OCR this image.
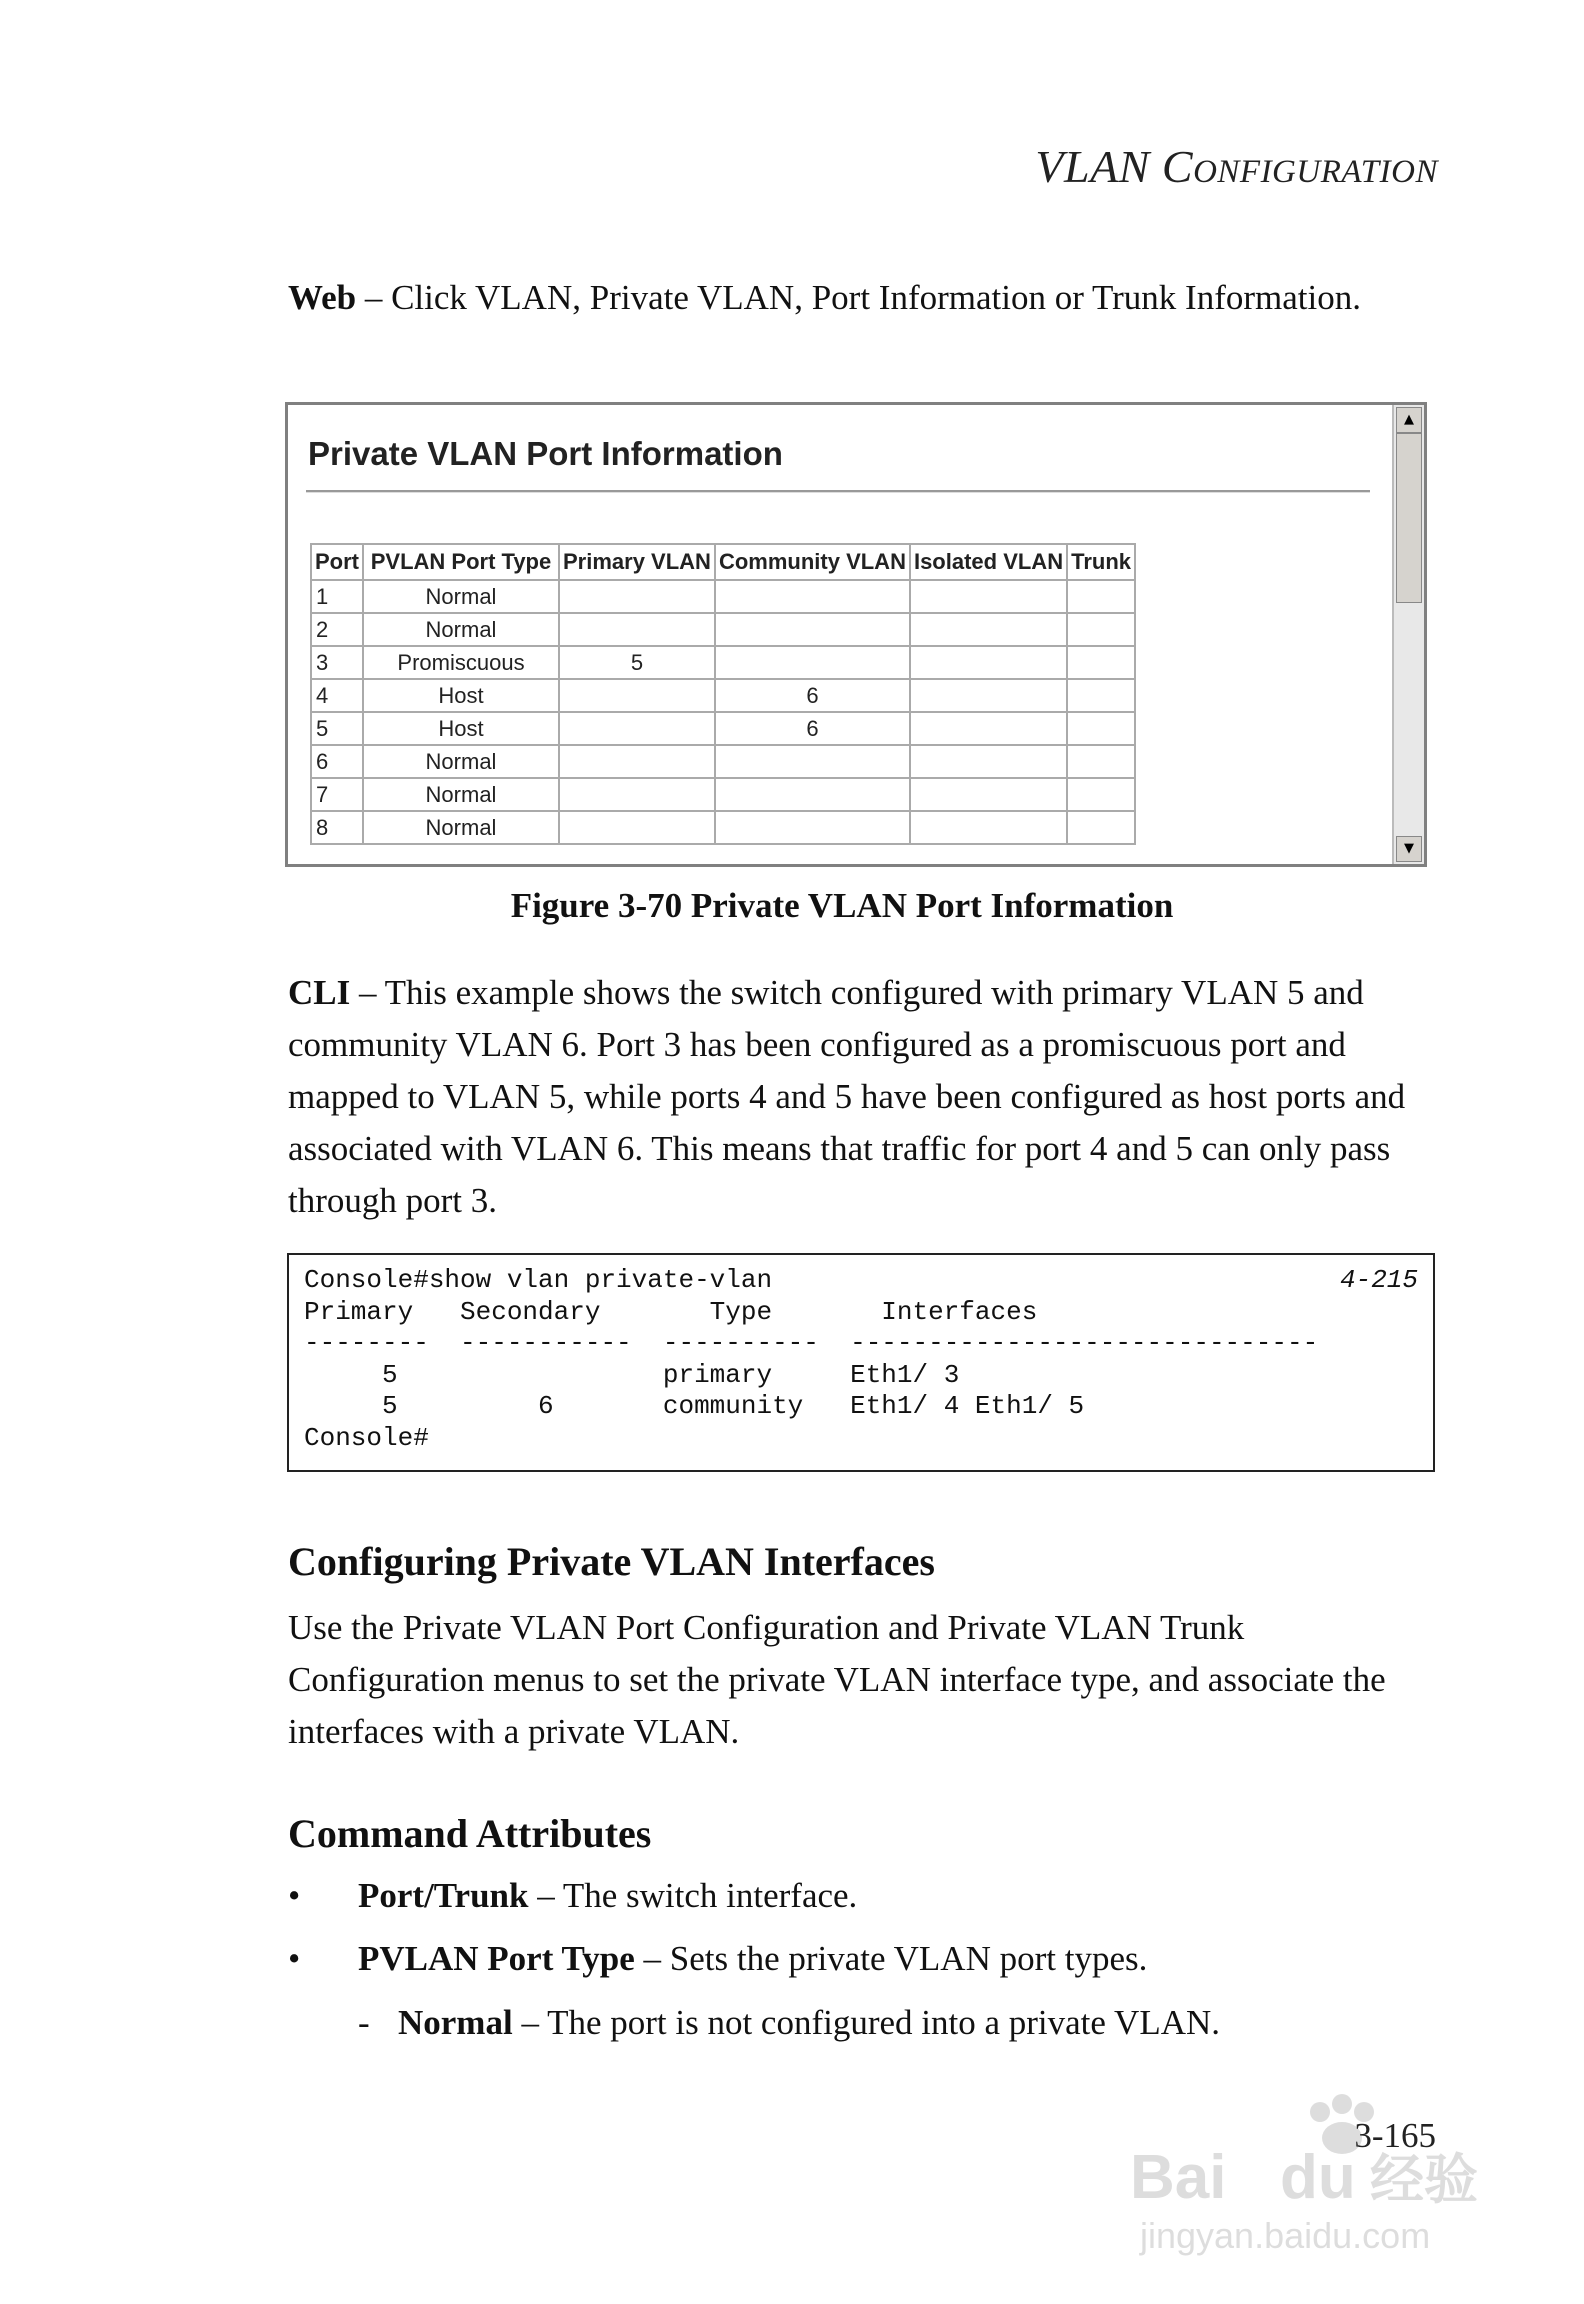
VLAN CONFIGURATION
Web – Click VLAN, Private VLAN, Port Information or Trunk Information.
Private VLAN Port Information
Port	PVLAN Port Type	Primary VLAN	Community VLAN	Isolated VLAN	Trunk
1	Normal				
2	Normal				
3	Promiscuous	5			
4	Host		6		
5	Host		6		
6	Normal				
7	Normal				
8	Normal				
▲
▼
Figure 3-70 Private VLAN Port Information
CLI – This example shows the switch configured with primary VLAN 5 and community VLAN 6. Port 3 has been configured as a promiscuous port and mapped to VLAN 5, while ports 4 and 5 have been configured as host ports and associated with VLAN 6. This means that traffic for port 4 and 5 can only pass through port 3.
Console#show vlan private-vlan
Primary   Secondary       Type       Interfaces
--------  -----------  ----------  ------------------------------
5                 primary     Eth1/ 3
5         6       community   Eth1/ 4 Eth1/ 5
Console#
4-215
Configuring Private VLAN Interfaces
Use the Private VLAN Port Configuration and Private VLAN Trunk Configuration menus to set the private VLAN interface type, and associate the interfaces with a private VLAN.
Command Attributes
• Port/Trunk – The switch interface.
• PVLAN Port Type – Sets the private VLAN port types.
- Normal – The port is not configured into a private VLAN.
3-165
Bai du 经验
jingyan.baidu.com
